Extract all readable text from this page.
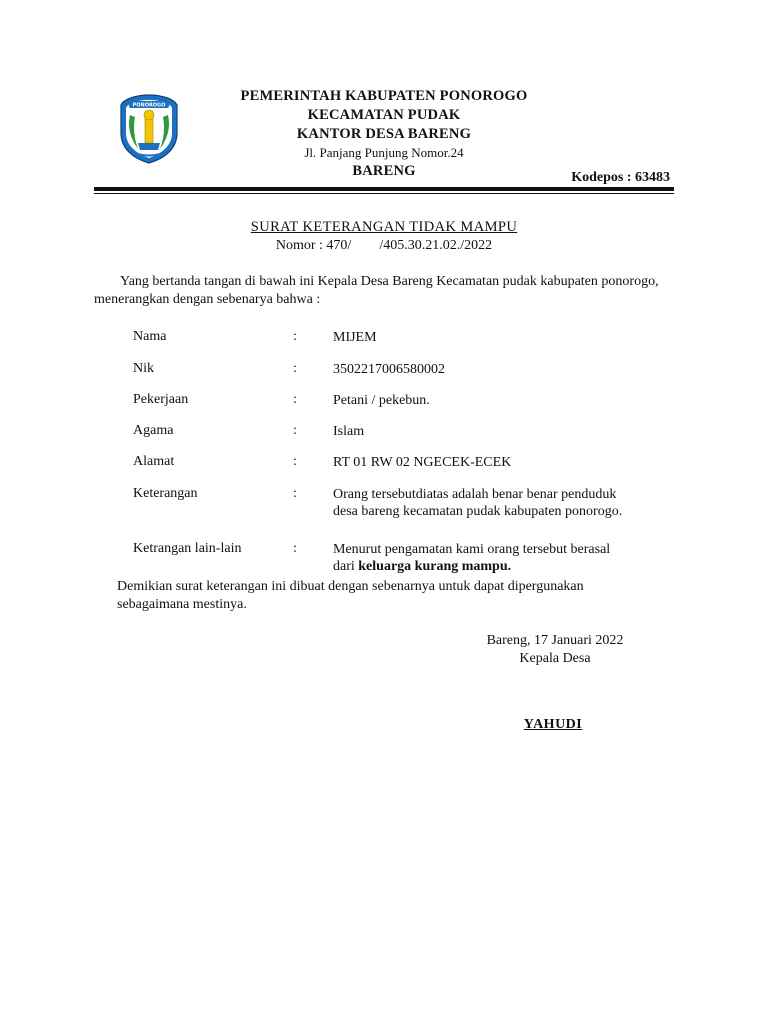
PONOROGO
PEMERINTAH KABUPATEN PONOROGO
KECAMATAN PUDAK
KANTOR DESA BARENG
Jl. Panjang Punjung Nomor.24
BARENG	Kodepos : 63483
SURAT KETERANGAN TIDAK MAMPU
Nomor : 470/        /405.30.21.02./2022
Yang bertanda tangan di bawah ini Kepala Desa Bareng Kecamatan pudak kabupaten ponorogo, menerangkan dengan sebenarya bahwa :
Nama	:	MIJEM
Nik	:	3502217006580002
Pekerjaan	:	Petani / pekebun.
Agama	:	Islam
Alamat	:	RT 01 RW 02 NGECEK-ECEK
Keterangan	:	Orang tersebutdiatas adalah benar benar penduduk desa bareng kecamatan pudak kabupaten ponorogo.
Ketrangan lain-lain	:	Menurut pengamatan kami orang tersebut berasal
dari keluarga kurang mampu.
Demikian surat keterangan ini dibuat dengan sebenarnya untuk dapat dipergunakan sebagaimana mestinya.
Bareng, 17 Januari 2022
Kepala Desa
YAHUDI
